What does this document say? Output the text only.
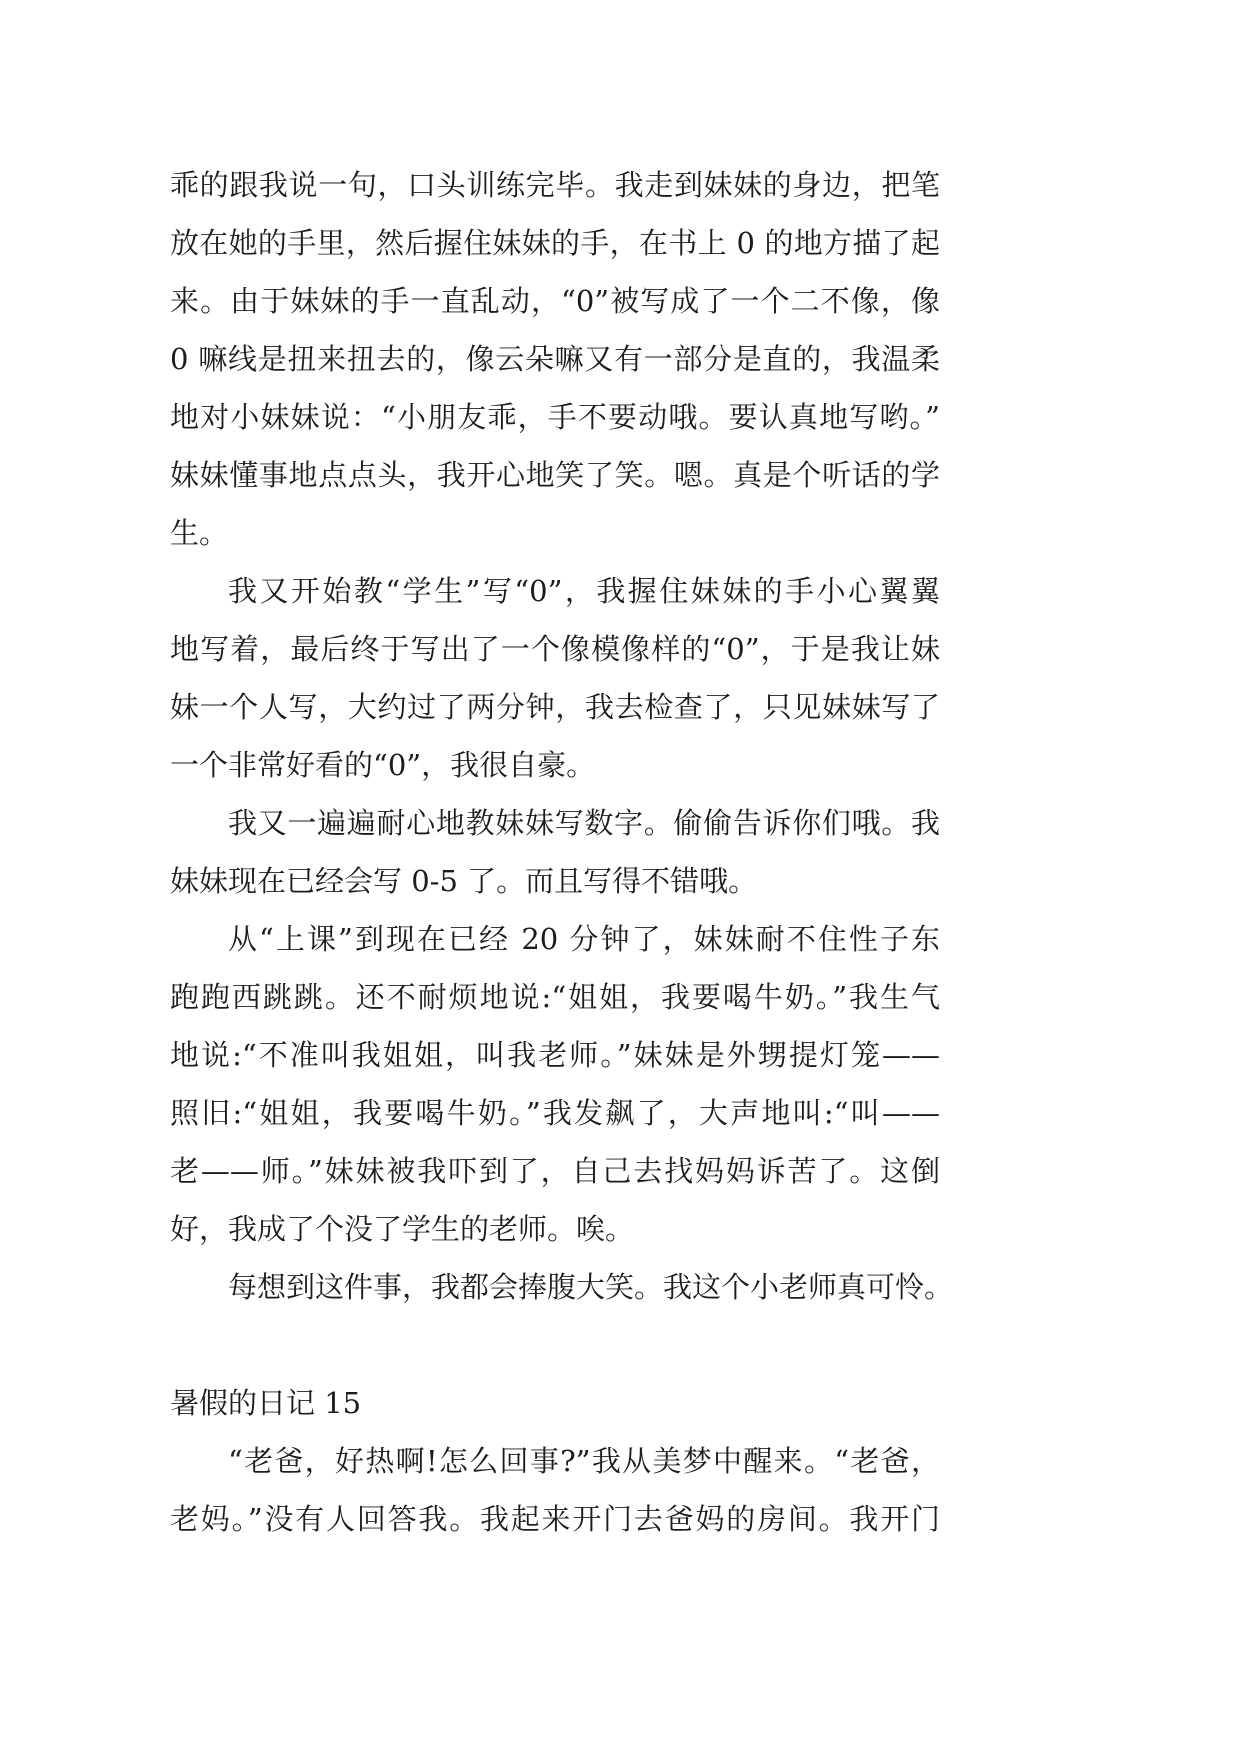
乖的跟我说一句，口头训练完毕。我走到妹妹的身边，把笔
放在她的手里，然后握住妹妹的手，在书上 0 的地方描了起
来。由于妹妹的手一直乱动，“0”被写成了一个二不像，像
0 嘛线是扭来扭去的，像云朵嘛又有一部分是直的，我温柔
地对小妹妹说：“小朋友乖，手不要动哦。要认真地写哟。”
妹妹懂事地点点头，我开心地笑了笑。嗯。真是个听话的学
生。
我又开始教“学生”写“0”，我握住妹妹的手小心翼翼
地写着，最后终于写出了一个像模像样的“0”，于是我让妹
妹一个人写，大约过了两分钟，我去检查了，只见妹妹写了
一个非常好看的“0”，我很自豪。
我又一遍遍耐心地教妹妹写数字。偷偷告诉你们哦。我
妹妹现在已经会写 0-5 了。而且写得不错哦。
从“上课”到现在已经 20 分钟了，妹妹耐不住性子东
跑跑西跳跳。还不耐烦地说:“姐姐，我要喝牛奶。”我生气
地说:“不准叫我姐姐，叫我老师。”妹妹是外甥提灯笼——
照旧:“姐姐，我要喝牛奶。”我发飙了，大声地叫:“叫——
老——师。”妹妹被我吓到了，自己去找妈妈诉苦了。这倒
好，我成了个没了学生的老师。唉。
每想到这件事，我都会捧腹大笑。我这个小老师真可怜。
暑假的日记 15
“老爸，好热啊!怎么回事?”我从美梦中醒来。“老爸，
老妈。”没有人回答我。我起来开门去爸妈的房间。我开门
